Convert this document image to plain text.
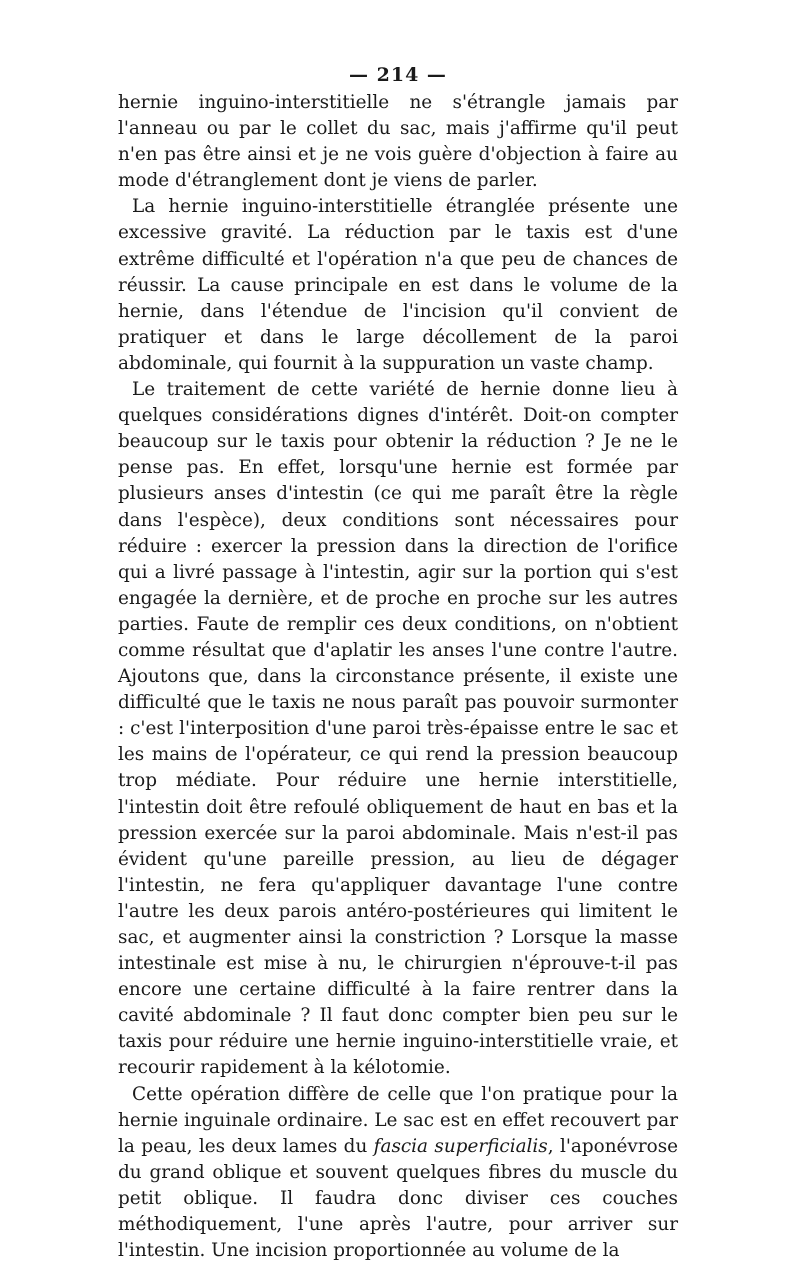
— 214 —

hernie inguino-interstitielle ne s'étrangle jamais par l'anneau ou par le collet du sac, mais j'affirme qu'il peut n'en pas être ainsi et je ne vois guère d'objection à faire au mode d'étranglement dont je viens de parler.

La hernie inguino-interstitielle étranglée présente une excessive gravité. La réduction par le taxis est d'une extrême difficulté et l'opération n'a que peu de chances de réussir. La cause principale en est dans le volume de la hernie, dans l'étendue de l'incision qu'il convient de pratiquer et dans le large décollement de la paroi abdominale, qui fournit à la suppuration un vaste champ.

Le traitement de cette variété de hernie donne lieu à quelques considérations dignes d'intérêt. Doit-on compter beaucoup sur le taxis pour obtenir la réduction ? Je ne le pense pas. En effet, lorsqu'une hernie est formée par plusieurs anses d'intestin (ce qui me paraît être la règle dans l'espèce), deux conditions sont nécessaires pour réduire : exercer la pression dans la direction de l'orifice qui a livré passage à l'intestin, agir sur la portion qui s'est engagée la dernière, et de proche en proche sur les autres parties. Faute de remplir ces deux conditions, on n'obtient comme résultat que d'aplatir les anses l'une contre l'autre. Ajoutons que, dans la circonstance présente, il existe une difficulté que le taxis ne nous paraît pas pouvoir surmonter : c'est l'interposition d'une paroi très-épaisse entre le sac et les mains de l'opérateur, ce qui rend la pression beaucoup trop médiate. Pour réduire une hernie interstitielle, l'intestin doit être refoulé obliquement de haut en bas et la pression exercée sur la paroi abdominale. Mais n'est-il pas évident qu'une pareille pression, au lieu de dégager l'intestin, ne fera qu'appliquer davantage l'une contre l'autre les deux parois antéro-postérieures qui limitent le sac, et augmenter ainsi la constriction ? Lorsque la masse intestinale est mise à nu, le chirurgien n'éprouve-t-il pas encore une certaine difficulté à la faire rentrer dans la cavité abdominale ? Il faut donc compter bien peu sur le taxis pour réduire une hernie inguino-interstitielle vraie, et recourir rapidement à la kélotomie.

Cette opération diffère de celle que l'on pratique pour la hernie inguinale ordinaire. Le sac est en effet recouvert par la peau, les deux lames du fascia superficialis, l'aponévrose du grand oblique et souvent quelques fibres du muscle du petit oblique. Il faudra donc diviser ces couches méthodiquement, l'une après l'autre, pour arriver sur l'intestin. Une incision proportionnée au volume de la
